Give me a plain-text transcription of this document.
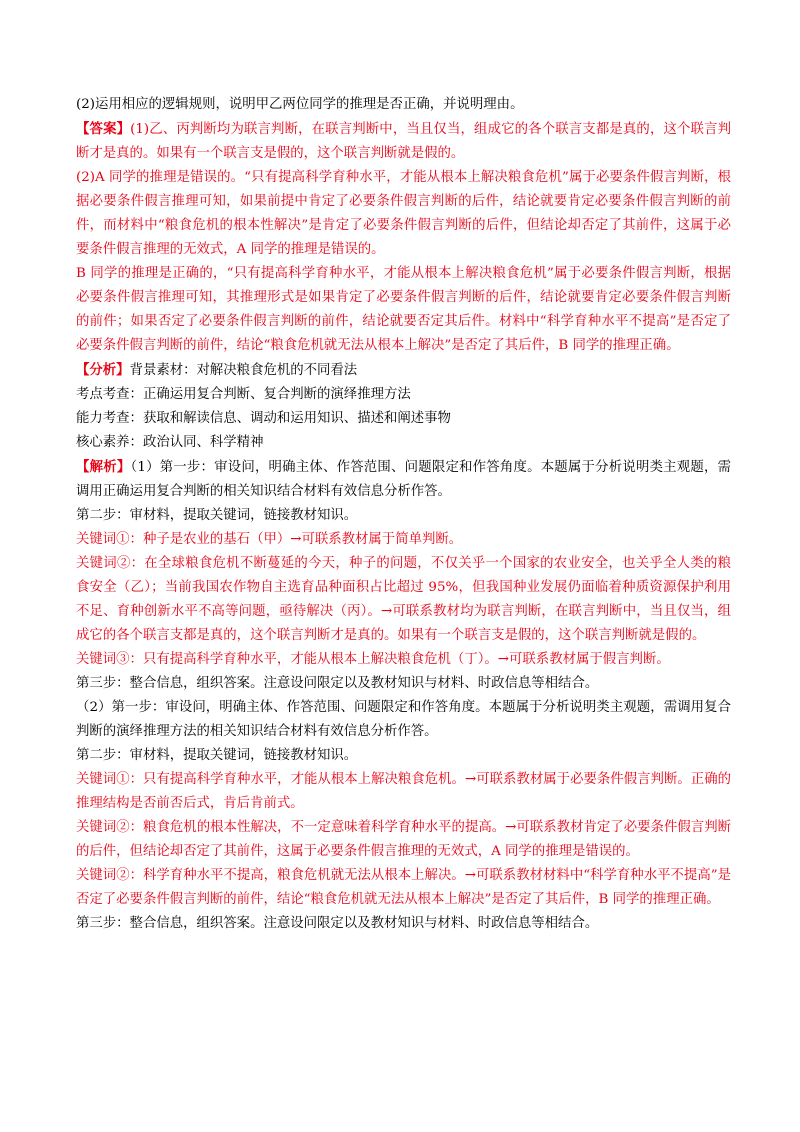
(2)运用相应的逻辑规则，说明甲乙两位同学的推理是否正确，并说明理由。

【答案】(1)乙、丙判断均为联言判断，在联言判断中，当且仅当，组成它的各个联言支都是真的，这个联言判断才是真的。如果有一个联言支是假的，这个联言判断就是假的。

(2)A 同学的推理是错误的。“只有提高科学育种水平，才能从根本上解决粮食危机”属于必要条件假言判断，根据必要条件假言推理可知，如果前提中肯定了必要条件假言判断的后件，结论就要肯定必要条件假言判断的前件，而材料中“粮食危机的根本性解决”是肯定了必要条件假言判断的后件，但结论却否定了其前件，这属于必要条件假言推理的无效式，A 同学的推理是错误的。

B 同学的推理是正确的，“只有提高科学育种水平，才能从根本上解决粮食危机”属于必要条件假言判断，根据必要条件假言推理可知，其推理形式是如果肯定了必要条件假言判断的后件，结论就要肯定必要条件假言判断的前件；如果否定了必要条件假言判断的前件，结论就要否定其后件。材料中“科学育种水平不提高”是否定了必要条件假言判断的前件，结论“粮食危机就无法从根本上解决”是否定了其后件，B 同学的推理正确。

【分析】背景素材：对解决粮食危机的不同看法

考点考查：正确运用复合判断、复合判断的演绎推理方法

能力考查：获取和解读信息、调动和运用知识、描述和阐述事物

核心素养：政治认同、科学精神

【解析】（1）第一步：审设问，明确主体、作答范围、问题限定和作答角度。本题属于分析说明类主观题，需调用正确运用复合判断的相关知识结合材料有效信息分析作答。

第二步：审材料，提取关键词，链接教材知识。

关键词①：种子是农业的基石（甲）→可联系教材属于简单判断。

关键词②：在全球粮食危机不断蔓延的今天，种子的问题，不仅关乎一个国家的农业安全，也关乎全人类的粮食安全（乙）；当前我国农作物自主选育品种面积占比超过 95%，但我国种业发展仍面临着种质资源保护利用不足、育种创新水平不高等问题，亟待解决（丙）。→可联系教材均为联言判断，在联言判断中，当且仅当，组成它的各个联言支都是真的，这个联言判断才是真的。如果有一个联言支是假的，这个联言判断就是假的。

关键词③：只有提高科学育种水平，才能从根本上解决粮食危机（丁）。→可联系教材属于假言判断。

第三步：整合信息，组织答案。注意设问限定以及教材知识与材料、时政信息等相结合。

（2）第一步：审设问，明确主体、作答范围、问题限定和作答角度。本题属于分析说明类主观题，需调用复合判断的演绎推理方法的相关知识结合材料有效信息分析作答。

第二步：审材料，提取关键词，链接教材知识。

关键词①：只有提高科学育种水平，才能从根本上解决粮食危机。→可联系教材属于必要条件假言判断。正确的推理结构是否前否后式，肯后肯前式。

关键词②：粮食危机的根本性解决，不一定意味着科学育种水平的提高。→可联系教材肯定了必要条件假言判断的后件，但结论却否定了其前件，这属于必要条件假言推理的无效式，A 同学的推理是错误的。

关键词②：科学育种水平不提高，粮食危机就无法从根本上解决。→可联系教材材料中“科学育种水平不提高”是否定了必要条件假言判断的前件，结论“粮食危机就无法从根本上解决”是否定了其后件，B 同学的推理正确。

第三步：整合信息，组织答案。注意设问限定以及教材知识与材料、时政信息等相结合。
